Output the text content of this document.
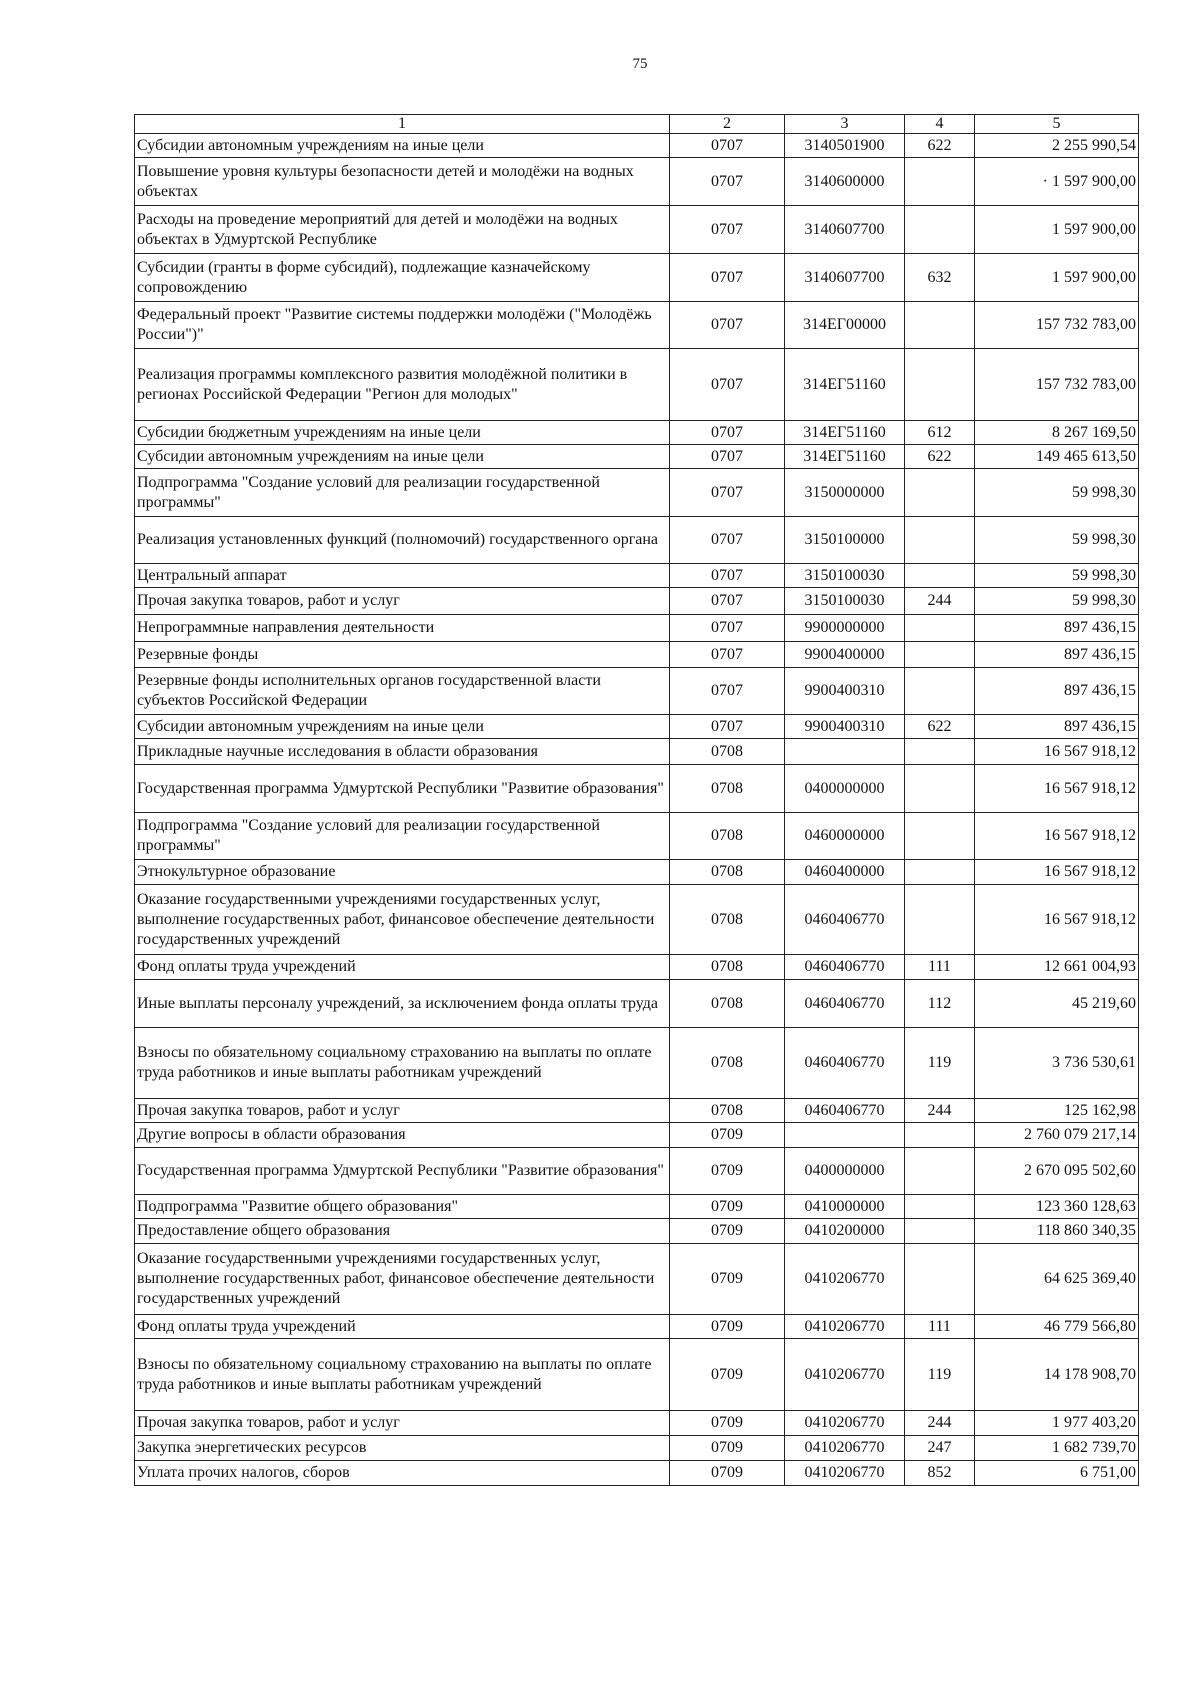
75
1	2	3	4	5
Субсидии автономным учреждениям на иные цели	0707	3140501900	622	2 255 990,54
Повышение уровня культуры безопасности детей и молодёжи на водных объектах	0707	3140600000		· 1 597 900,00
Расходы на проведение мероприятий для детей и молодёжи на водных объектах в Удмуртской Республике	0707	3140607700		1 597 900,00
Субсидии (гранты в форме субсидий), подлежащие казначейскому сопровождению	0707	3140607700	632	1 597 900,00
Федеральный проект "Развитие системы поддержки молодёжи ("Молодёжь России")"	0707	314ЕГ00000		157 732 783,00
Реализация программы комплексного развития молодёжной политики в регионах Российской Федерации "Регион для молодых"	0707	314ЕГ51160		157 732 783,00
Субсидии бюджетным учреждениям на иные цели	0707	314ЕГ51160	612	8 267 169,50
Субсидии автономным учреждениям на иные цели	0707	314ЕГ51160	622	149 465 613,50
Подпрограмма "Создание условий для реализации государственной программы"	0707	3150000000		59 998,30
Реализация установленных функций (полномочий) государственного органа	0707	3150100000		59 998,30
Центральный аппарат	0707	3150100030		59 998,30
Прочая закупка товаров, работ и услуг	0707	3150100030	244	59 998,30
Непрограммные направления деятельности	0707	9900000000		897 436,15
Резервные фонды	0707	9900400000		897 436,15
Резервные фонды исполнительных органов государственной власти субъектов Российской Федерации	0707	9900400310		897 436,15
Субсидии автономным учреждениям на иные цели	0707	9900400310	622	897 436,15
Прикладные научные исследования в области образования	0708			16 567 918,12
Государственная программа Удмуртской Республики "Развитие образования"	0708	0400000000		16 567 918,12
Подпрограмма "Создание условий для реализации государственной программы"	0708	0460000000		16 567 918,12
Этнокультурное образование	0708	0460400000		16 567 918,12
Оказание государственными учреждениями государственных услуг, выполнение государственных работ, финансовое обеспечение деятельности государственных учреждений	0708	0460406770		16 567 918,12
Фонд оплаты труда учреждений	0708	0460406770	111	12 661 004,93
Иные выплаты персоналу учреждений, за исключением фонда оплаты труда	0708	0460406770	112	45 219,60
Взносы по обязательному социальному страхованию на выплаты по оплате труда работников и иные выплаты работникам учреждений	0708	0460406770	119	3 736 530,61
Прочая закупка товаров, работ и услуг	0708	0460406770	244	125 162,98
Другие вопросы в области образования	0709			2 760 079 217,14
Государственная программа Удмуртской Республики "Развитие образования"	0709	0400000000		2 670 095 502,60
Подпрограмма "Развитие общего образования"	0709	0410000000		123 360 128,63
Предоставление общего образования	0709	0410200000		118 860 340,35
Оказание государственными учреждениями государственных услуг, выполнение государственных работ, финансовое обеспечение деятельности государственных учреждений	0709	0410206770		64 625 369,40
Фонд оплаты труда учреждений	0709	0410206770	111	46 779 566,80
Взносы по обязательному социальному страхованию на выплаты по оплате труда работников и иные выплаты работникам учреждений	0709	0410206770	119	14 178 908,70
Прочая закупка товаров, работ и услуг	0709	0410206770	244	1 977 403,20
Закупка энергетических ресурсов	0709	0410206770	247	1 682 739,70
Уплата прочих налогов, сборов	0709	0410206770	852	6 751,00
